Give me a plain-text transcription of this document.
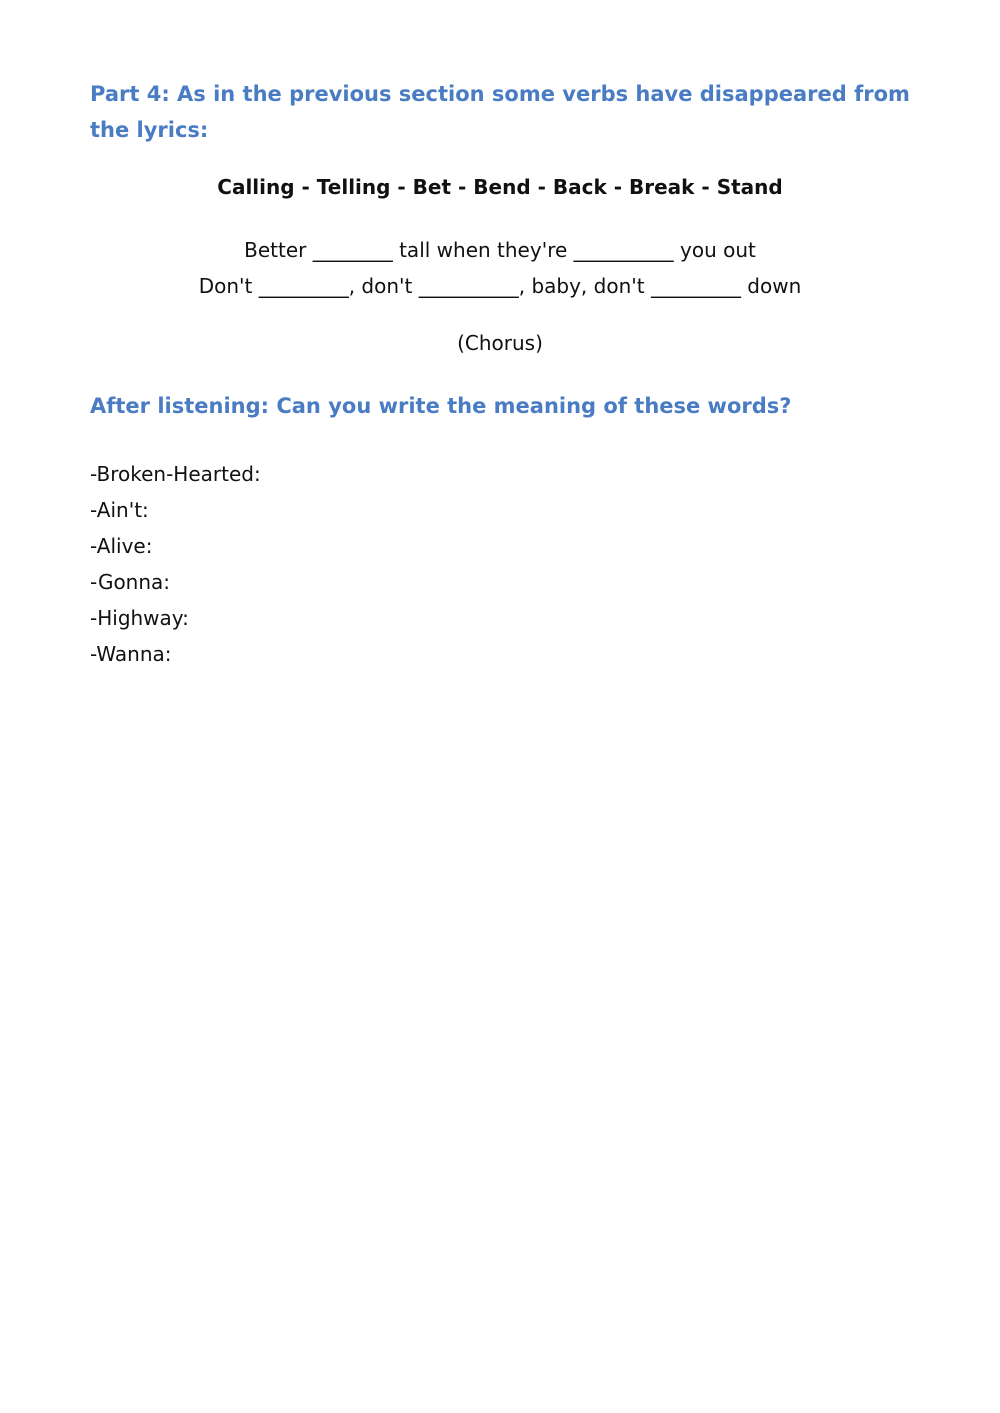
Part 4: As in the previous section some verbs have disappeared from the lyrics:

Calling - Telling - Bet - Bend - Back - Break - Stand

Better ________ tall when they're __________ you out
Don't _________, don't __________, baby, don't _________ down

(Chorus)

After listening: Can you write the meaning of these words?

-Broken-Hearted:
-Ain't:
-Alive:
-Gonna:
-Highway:
-Wanna:
